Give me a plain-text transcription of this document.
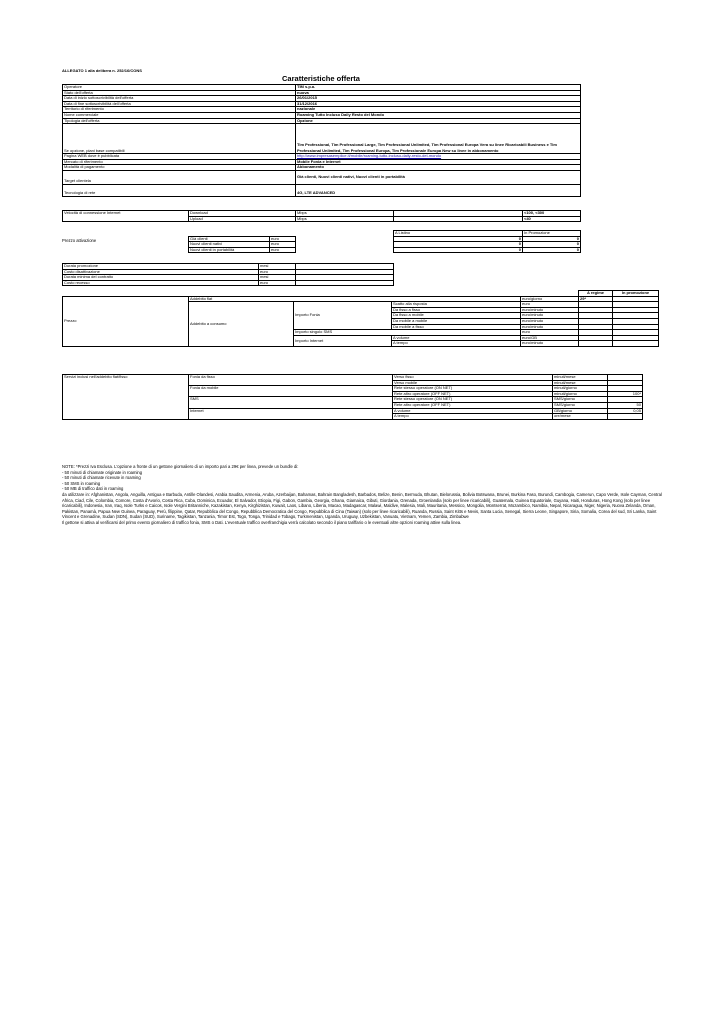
ALLEGATO 1 alla delibera n. 252/16/CONS
Caratteristiche offerta
Operatore	TIM s.p.a.
Stato dell'offerta	nuova
Data di inizio sottoscrivibilità dell'offerta	26/01/2015
Data di fine sottoscrivibilità dell'offerta	31/12/2016
Territorio di riferimento	nazionale
Nome commerciale	Roaming Tutto Incluso Daily Resto del Mondo
Tipologia dell'offerta	Opzione
Se opzione, piani base compatibili	Tim Professional, Tim Professional Large, Tim Professional Unlimited, Tim Professional Europa Vera su linee Ricaricabili Business e Tim
Professional Unlimited, Tim Professional Europa, Tim Professionale Europa New su linee in abbonamento

Pagina WEB dove è pubblicata	http://www.impresasemplice.it/mobile/roaming-tutto-incluso-daily-resto-del-mondo
Mercato di riferimento	Mobile Fonia e Internet
Modalità di pagamento	Abbonamento
Target clientela	Già clienti, Nuovi clienti nativi, Nuovi clienti in portabilità
Tecnologia di rete	4G, LTE ADVANCED
Velocità di connessione Internet	Download	Mbps		<100, <300
	Upload	Mbps		<40
Prezzo attivazione
			A Listino	In Promozione
Già clienti	euro		0	0
Nuovi clienti nativi	euro		0	0
Nuovi clienti in portabilità	euro		0	0
Durata promozione	mesi	
Costo disattivazione	euro	
Durata minima del contratto	mesi	
Costo recesso	euro	
					A regime	In promozione
Prezzo	Addebito flat			euro/giorno	29*	
	Addebito a consumo	Importo Fonia	Scatto alla risposta	euro		
			Da fisso a fisso	euro/minuto		
			Da fisso a mobile	euro/minuto		
			Da mobile a mobile	euro/minuto		
			Da mobile a fisso	euro/minuto		
		Importo singolo SMS		euro		
		Importo Internet	A volume	euro/GB		
			A tempo	euro/minuto		
Servizi inclusi nell'addebito flat/fisso	Fonia da fisso	Verso fisso	minuti/mese	
		Verso mobile	minuti/mese	
	Fonia da mobile	Rete stesso operatore (ON NET)	minuti/giorno	
		Rete altro operatore (OFF NET)	minuti/giorno	100*
	SMS	Rete stesso operatore (ON NET)	SMS/giorno	
		Rete altro operatore (OFF NET)	SMS/giorno	50
	Internet	A volume	GB/giorno	0,05
		A tempo	ore/mese	
NOTE: *Prezzi Iva Esclusa. L'opzione a fronte di un gettone giornaliero di un importo pari a 29€ per linea, prevede un bundle di:
- 50 minuti di chiamate originate in roaming
- 50 minuti di chiamate ricevute in roaming
- 50 SMS in roaming
- 50 MB di traffico dati in roaming
da utilizzare in: Afghanistan, Angola, Anguilla, Antigua e Barbuda, Antille Olandesi, Arabia Saudita, Armenia, Aruba, Azerbaijan, Bahamas, Bahrain Bangladesh, Barbados, Belize, Benin, Bermuda, Bhutan, Bielorussia, Bolivia Botswana, Brunei, Burkina Faso, Burundi, Cambogia, Camerun, Capo Verde, Isole Cayman, Central Africa, Ciad, Cile, Colombia, Comore, Costa d'Avorio, Costa Rica, Cuba, Dominica, Ecuador, El Salvador, Etiopia, Figi, Gabon, Gambia, Georgia, Ghana, Giamaica, Gibuti, Giordania, Grenada, Groenlandia (solo per linee ricaricabili), Guatemala, Guinea Equatoriale, Guyana, Haiti, Honduras, Hong Kong (solo per linee ricaricabili), Indonesia, Iran, Iraq, Isole Turks e Caicos, Isole Vergini Britanniche, Kazakistan, Kenya, Kirghizistan, Kuwait, Laos, Libano, Liberia, Macao, Madagascar, Malawi, Maldive, Malesia, Mali, Mauritania, Messico, Mongolia, Montserrat, Mozambico, Namibia, Nepal, Nicaragua, Niger, Nigeria, Nuova Zelanda, Oman, Pakistan, Panamà, Papua New Guinea, Paraguay, Perù, filippine, Qatar, Repubblica del Congo, Repubblica Democratica del Congo, Repubblica di Cina (Taiwan) (solo per linee ricaricabili), Ruanda, Russia, Saint Kitts e Nevis, Santa Lucia, Senegal, Sierra Leone, Singapore, Siria, Somalia, Corea del sud, Sri Lanka, Saint Vincent e Grenadine, Sudan (SDN), Sudan (SUD), Suriname, Tagikistan, Tanzania, Timor Est, Togo, Tonga, Trinidad e Tobago, Turkmenistan, Uganda, Uruguay, Uzbekistan, Vanuatu, Vietnam, Yemen, Zambia, Zimbabwe
Il gettone si attiva al verificarsi del primo evento giornaliero di traffico fonia, SMS o Dati. L'eventuale traffico overfranchigia verrà calcolato secondo il piano tariffario o le eventuali altre opzioni roaming attive sulla linea.
